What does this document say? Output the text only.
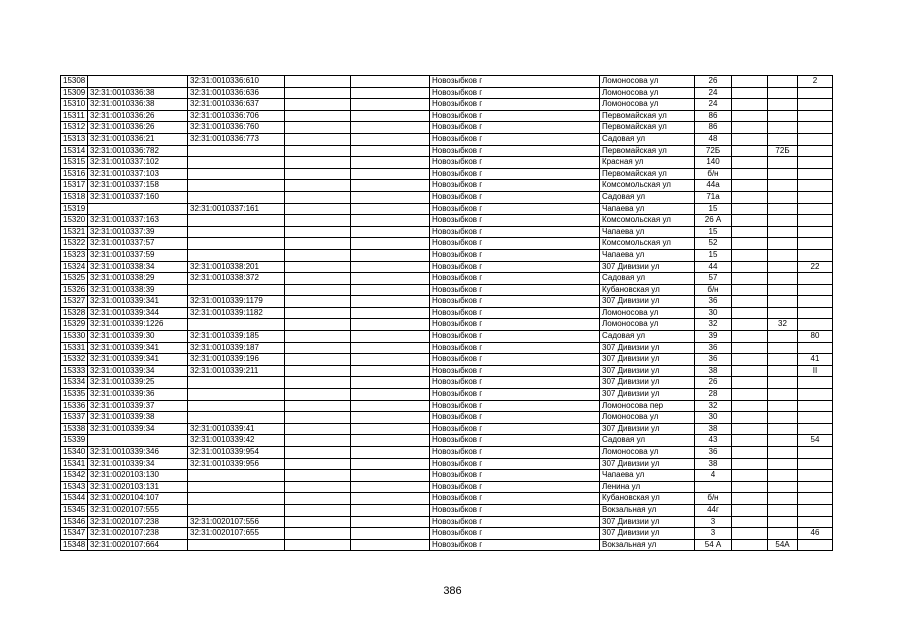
15308		32:31:0010336:610			Новозыбков г	Ломоносова ул	26			2
15309	32:31:0010336:38	32:31:0010336:636			Новозыбков г	Ломоносова ул	24			
15310	32:31:0010336:38	32:31:0010336:637			Новозыбков г	Ломоносова ул	24			
15311	32:31:0010336:26	32:31:0010336:706			Новозыбков г	Первомайская ул	86			
15312	32:31:0010336:26	32:31:0010336:760			Новозыбков г	Первомайская ул	86			
15313	32:31:0010336:21	32:31:0010336:773			Новозыбков г	Садовая ул	48			
15314	32:31:0010336:782				Новозыбков г	Первомайская ул	72Б		72Б	
15315	32:31:0010337:102				Новозыбков г	Красная ул	140			
15316	32:31:0010337:103				Новозыбков г	Первомайская ул	б/н			
15317	32:31:0010337:158				Новозыбков г	Комсомольская ул	44а			
15318	32:31:0010337:160				Новозыбков г	Садовая ул	71а			
15319		32:31:0010337:161			Новозыбков г	Чапаева ул	15			
15320	32:31:0010337:163				Новозыбков г	Комсомольская ул	26 А			
15321	32:31:0010337:39				Новозыбков г	Чапаева ул	15			
15322	32:31:0010337:57				Новозыбков г	Комсомольская ул	52			
15323	32:31:0010337:59				Новозыбков г	Чапаева ул	15			
15324	32:31:0010338:34	32:31:0010338:201			Новозыбков г	307 Дивизии ул	44			22
15325	32:31:0010338:29	32:31:0010338:372			Новозыбков г	Садовая ул	57			
15326	32:31:0010338:39				Новозыбков г	Кубановская ул	б/н			
15327	32:31:0010339:341	32:31:0010339:1179			Новозыбков г	307 Дивизии ул	36			
15328	32:31:0010339:344	32:31:0010339:1182			Новозыбков г	Ломоносова ул	30			
15329	32:31:0010339:1226				Новозыбков г	Ломоносова ул	32		32	
15330	32:31:0010339:30	32:31:0010339:185			Новозыбков г	Садовая ул	39			80
15331	32:31:0010339:341	32:31:0010339:187			Новозыбков г	307 Дивизии ул	36			
15332	32:31:0010339:341	32:31:0010339:196			Новозыбков г	307 Дивизии ул	36			41
15333	32:31:0010339:34	32:31:0010339:211			Новозыбков г	307 Дивизии ул	38			II
15334	32:31:0010339:25				Новозыбков г	307 Дивизии ул	26			
15335	32:31:0010339:36				Новозыбков г	307 Дивизии ул	28			
15336	32:31:0010339:37				Новозыбков г	Ломоносова пер	32			
15337	32:31:0010339:38				Новозыбков г	Ломоносова ул	30			
15338	32:31:0010339:34	32:31:0010339:41			Новозыбков г	307 Дивизии ул	38			
15339		32:31:0010339:42			Новозыбков г	Садовая ул	43			54
15340	32:31:0010339:346	32:31:0010339:954			Новозыбков г	Ломоносова ул	36			
15341	32:31:0010339:34	32:31:0010339:956			Новозыбков г	307 Дивизии ул	38			
15342	32:31:0020103:130				Новозыбков г	Чапаева ул	4			
15343	32:31:0020103:131				Новозыбков г	Ленина ул				
15344	32:31:0020104:107				Новозыбков г	Кубановская ул	б/н			
15345	32:31:0020107:555				Новозыбков г	Вокзальная ул	44г			
15346	32:31:0020107:238	32:31:0020107:556			Новозыбков г	307 Дивизии ул	3			
15347	32:31:0020107:238	32:31:0020107:655			Новозыбков г	307 Дивизии ул	3			46
15348	32:31:0020107:664				Новозыбков г	Вокзальная ул	54 А		54А	
386
